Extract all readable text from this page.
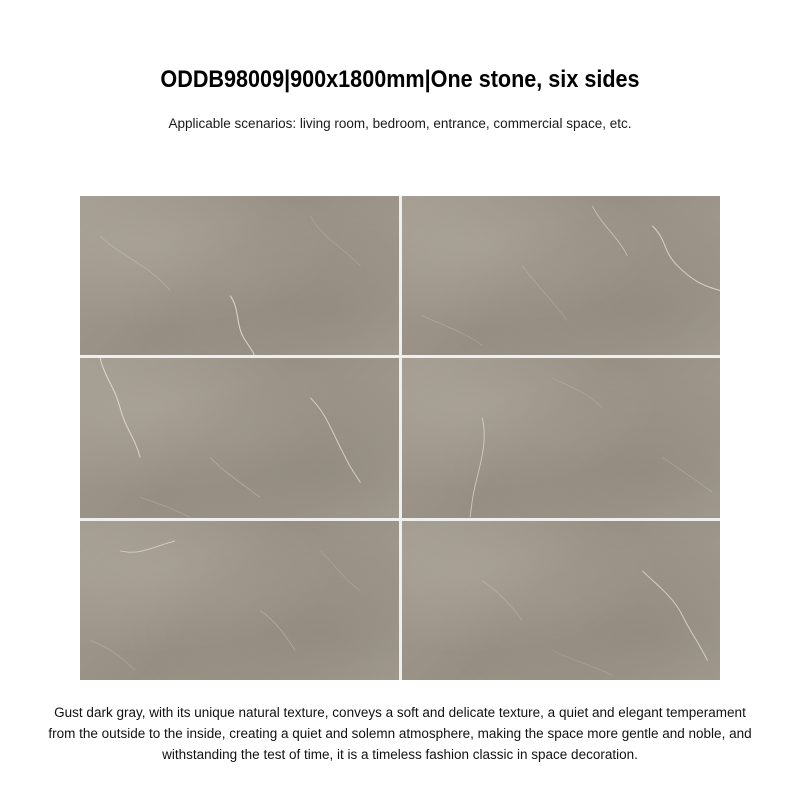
ODDB98009|900x1800mm|One stone, six sides
Applicable scenarios: living room, bedroom, entrance, commercial space, etc.
Gust dark gray, with its unique natural texture, conveys a soft and delicate texture, a quiet and elegant temperament from the outside to the inside, creating a quiet and solemn atmosphere, making the space more gentle and noble, and withstanding the test of time, it is a timeless fashion classic in space decoration.
